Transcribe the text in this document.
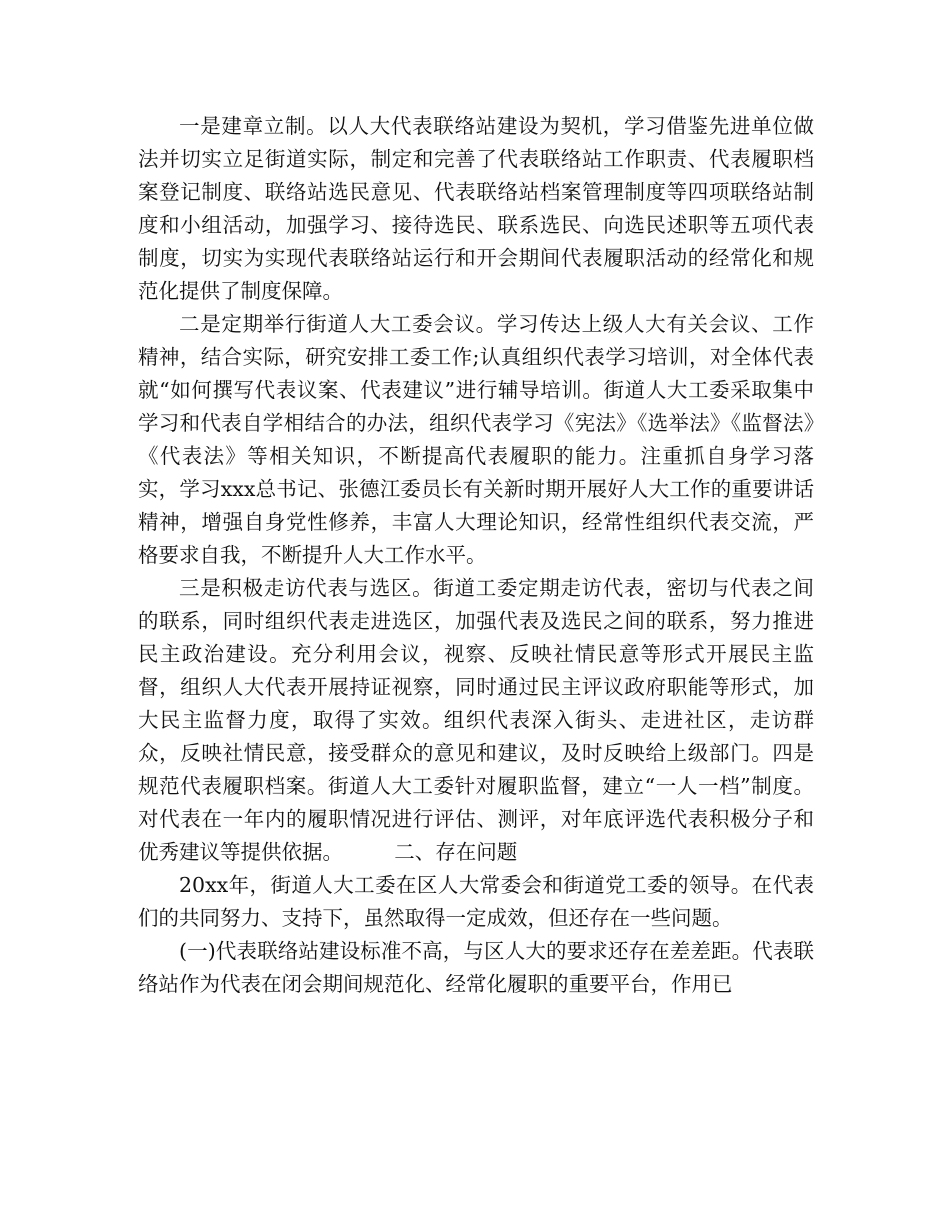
一是建章立制。以人大代表联络站建设为契机，学习借鉴先进单位做法并切实立足街道实际，制定和完善了代表联络站工作职责、代表履职档案登记制度、联络站选民意见、代表联络站档案管理制度等四项联络站制度和小组活动，加强学习、接待选民、联系选民、向选民述职等五项代表制度，切实为实现代表联络站运行和开会期间代表履职活动的经常化和规范化提供了制度保障。

二是定期举行街道人大工委会议。学习传达上级人大有关会议、工作精神，结合实际，研究安排工委工作;认真组织代表学习培训，对全体代表就“如何撰写代表议案、代表建议”进行辅导培训。街道人大工委采取集中学习和代表自学相结合的办法，组织代表学习《宪法》《选举法》《监督法》《代表法》等相关知识，不断提高代表履职的能力。注重抓自身学习落实，学习xxx总书记、张德江委员长有关新时期开展好人大工作的重要讲话精神，增强自身党性修养，丰富人大理论知识，经常性组织代表交流，严格要求自我，不断提升人大工作水平。

三是积极走访代表与选区。街道工委定期走访代表，密切与代表之间的联系，同时组织代表走进选区，加强代表及选民之间的联系，努力推进民主政治建设。充分利用会议，视察、反映社情民意等形式开展民主监督，组织人大代表开展持证视察，同时通过民主评议政府职能等形式，加大民主监督力度，取得了实效。组织代表深入街头、走进社区，走访群众，反映社情民意，接受群众的意见和建议，及时反映给上级部门。四是规范代表履职档案。街道人大工委针对履职监督，建立“一人一档”制度。对代表在一年内的履职情况进行评估、测评，对年底评选代表积极分子和优秀建议等提供依据。　　　二、存在问题

20xx年，街道人大工委在区人大常委会和街道党工委的领导。在代表们的共同努力、支持下，虽然取得一定成效，但还存在一些问题。

(一)代表联络站建设标准不高，与区人大的要求还存在差差距。代表联络站作为代表在闭会期间规范化、经常化履职的重要平台，作用已
